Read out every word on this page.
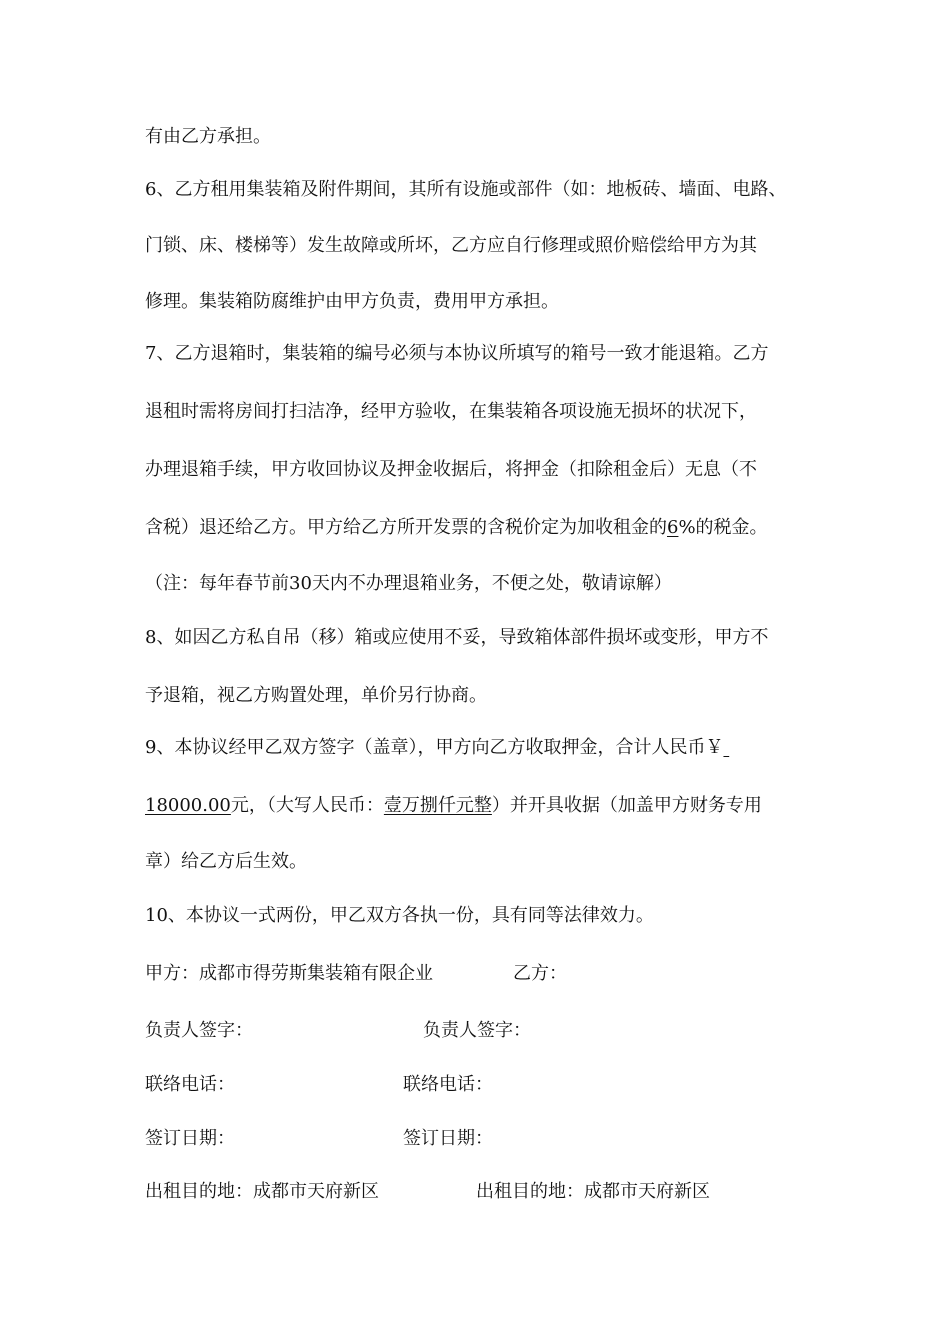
有由乙方承担。

6、乙方租用集装箱及附件期间，其所有设施或部件（如：地板砖、墙面、电路、

门锁、床、楼梯等）发生故障或所坏，乙方应自行修理或照价赔偿给甲方为其

修理。集装箱防腐维护由甲方负责，费用甲方承担。

7、乙方退箱时，集装箱的编号必须与本协议所填写的箱号一致才能退箱。乙方

退租时需将房间打扫洁净，经甲方验收，在集装箱各项设施无损坏的状况下，

办理退箱手续，甲方收回协议及押金收据后，将押金（扣除租金后）无息（不

含税）退还给乙方。甲方给乙方所开发票的含税价定为加收租金的6%的税金。

（注：每年春节前30天内不办理退箱业务，不便之处，敬请谅解）

8、如因乙方私自吊（移）箱或应使用不妥，导致箱体部件损坏或变形，甲方不

予退箱，视乙方购置处理，单价另行协商。

9、本协议经甲乙双方签字（盖章），甲方向乙方收取押金，合计人民币￥

18000.00元，（大写人民币：壹万捌仟元整）并开具收据（加盖甲方财务专用

章）给乙方后生效。

10、本协议一式两份，甲乙双方各执一份，具有同等法律效力。

甲方：成都市得劳斯集装箱有限企业	乙方：
负责人签字：	负责人签字：
联络电话：	联络电话：
签订日期：	签订日期：
出租目的地：成都市天府新区	出租目的地：成都市天府新区
